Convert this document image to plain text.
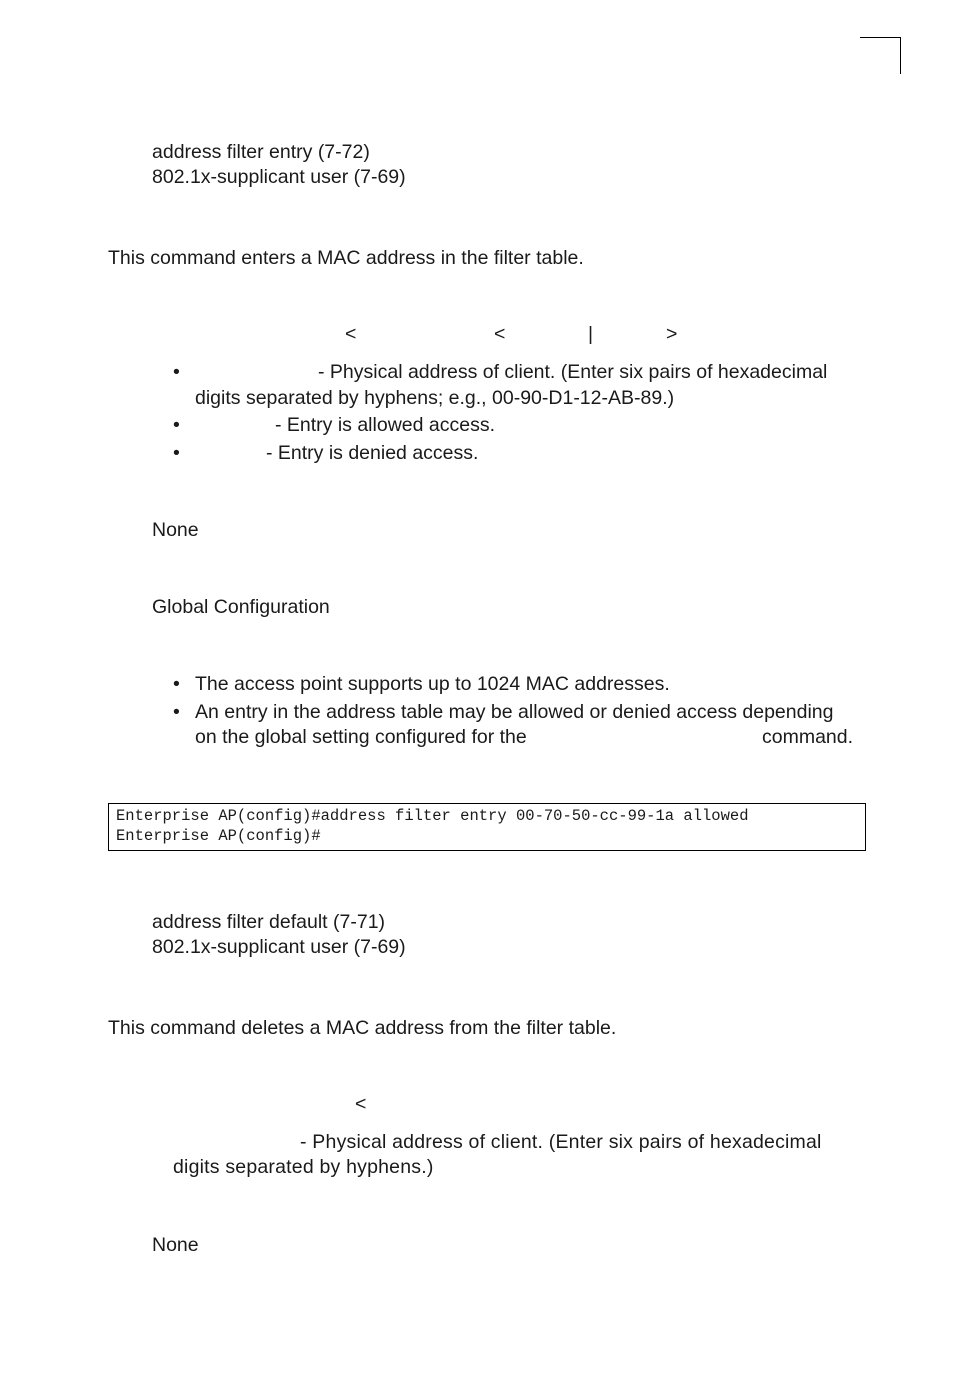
address filter entry (7-72)
802.1x-supplicant user (7-69)
This command enters a MAC address in the filter table.
<	<	|	>
•	- Physical address of client. (Enter six pairs of hexadecimal
digits separated by hyphens; e.g., 00-90-D1-12-AB-89.)
•	- Entry is allowed access.
•	- Entry is denied access.
None
Global Configuration
• The access point supports up to 1024 MAC addresses.
• An entry in the address table may be allowed or denied access depending
on the global setting configured for the	command.
Enterprise AP(config)#address filter entry 00-70-50-cc-99-1a allowed
Enterprise AP(config)#
address filter default (7-71)
802.1x-supplicant user (7-69)
This command deletes a MAC address from the filter table.
<
- Physical address of client. (Enter six pairs of hexadecimal
digits separated by hyphens.)
None
